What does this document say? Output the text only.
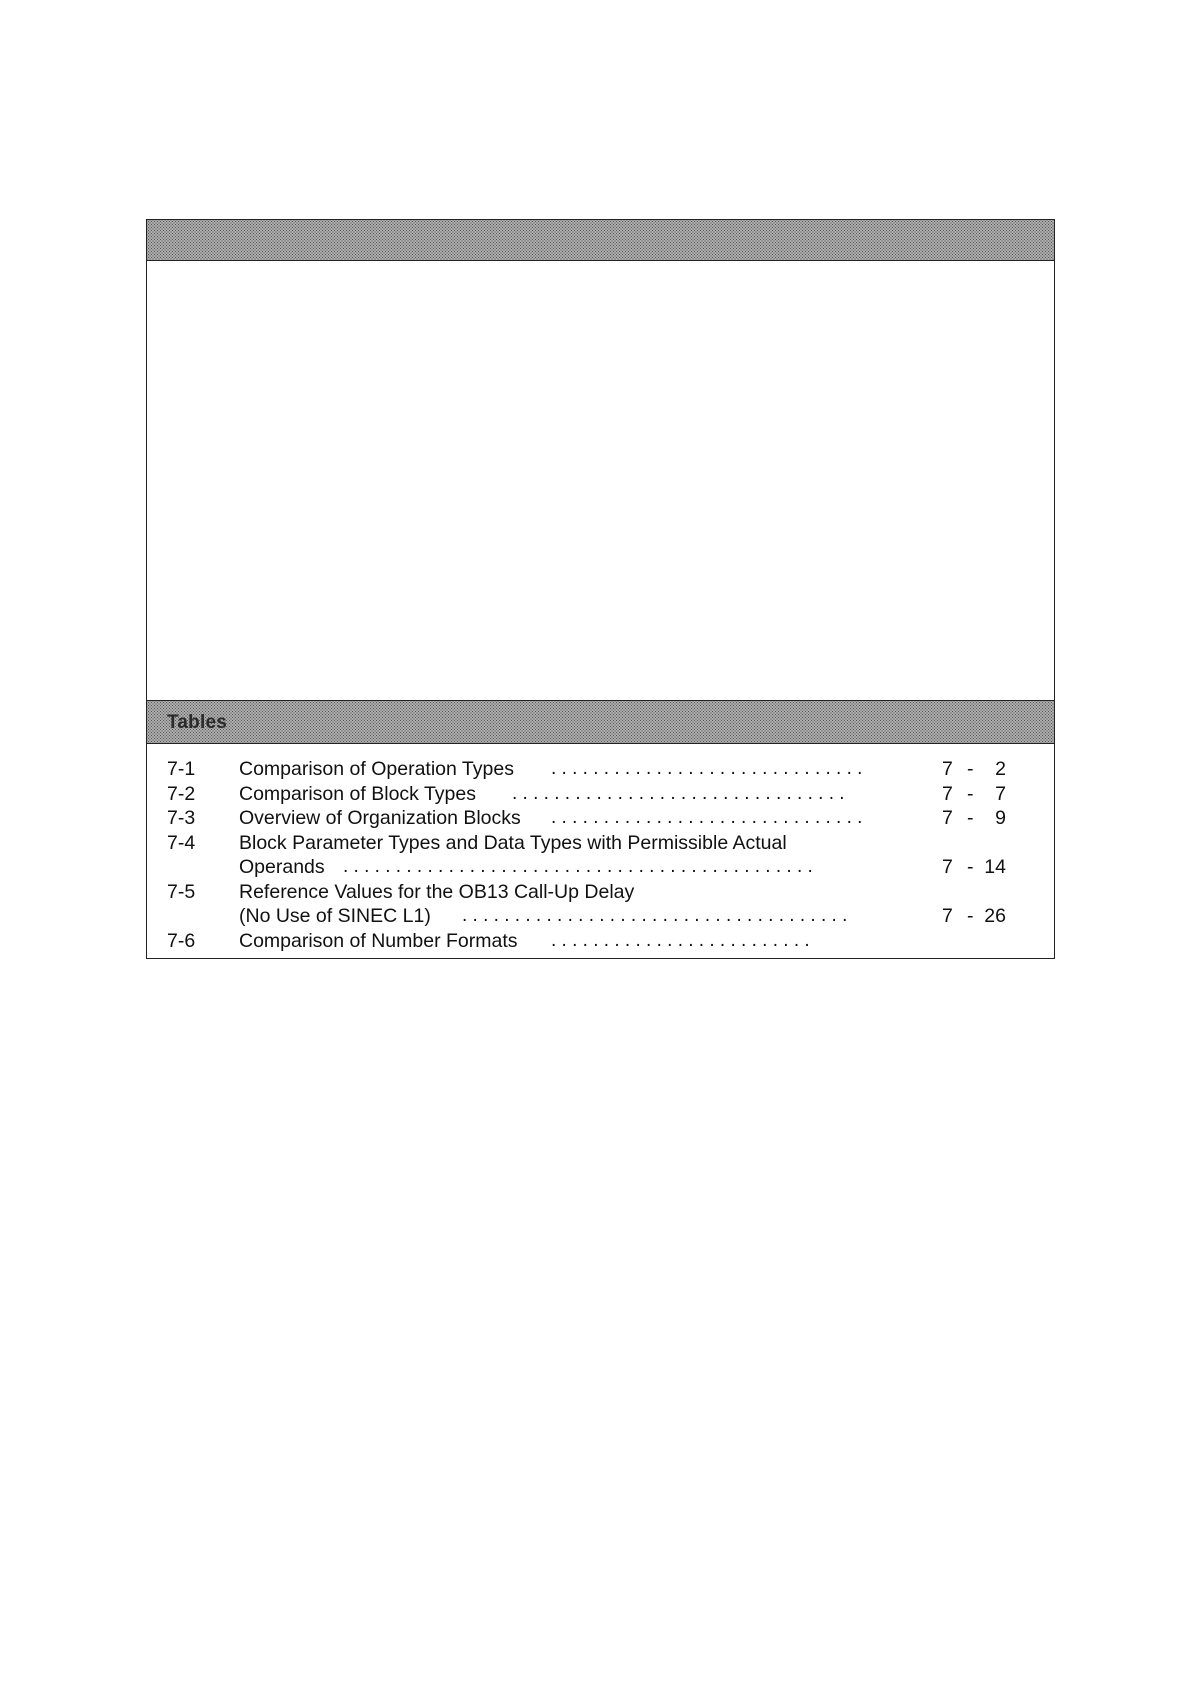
Tables
7-1 Comparison of Operation Types . . . . . . . . . . . . . . . . . . . . . . . . . . . . . .	7 - 2
7-2 Comparison of Block Types . . . . . . . . . . . . . . . . . . . . . . . . . . . . . . . .	7 - 7
7-3 Overview of Organization Blocks . . . . . . . . . . . . . . . . . . . . . . . . . . . . . .	7 - 9
7-4 Block Parameter Types and Data Types with Permissible Actual
Operands . . . . . . . . . . . . . . . . . . . . . . . . . . . . . . . . . . . . . . . . . . . . .	7 - 14
7-5 Reference Values for the OB13 Call-Up Delay
(No Use of SINEC L1) . . . . . . . . . . . . . . . . . . . . . . . . . . . . . . . . . . . . .	7 - 26
7-6 Comparison of Number Formats . . . . . . . . . . . . . . . . . . . . . . . . .
